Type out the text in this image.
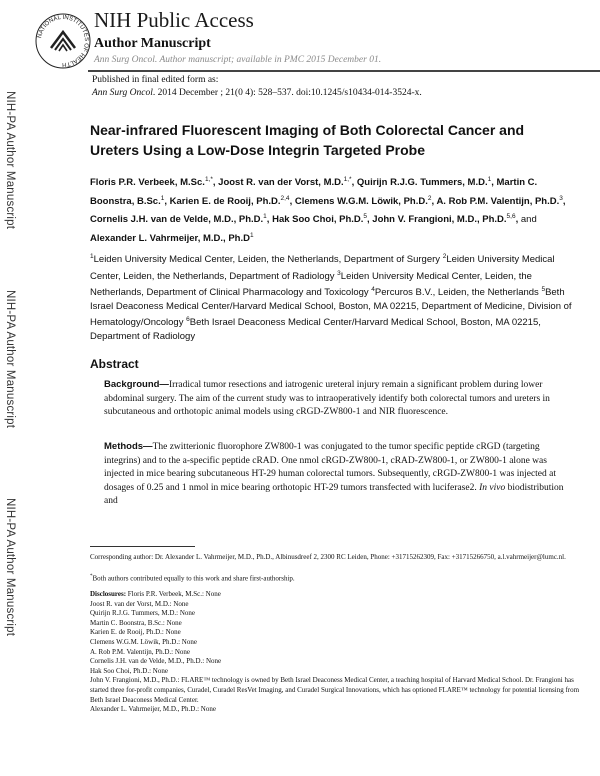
NATIONAL INSTITUTES OF HEALTH
NIH Public Access
Author Manuscript
Ann Surg Oncol. Author manuscript; available in PMC 2015 December 01.
Published in final edited form as:
Ann Surg Oncol. 2014 December ; 21(0 4): 528–537. doi:10.1245/s10434-014-3524-x.
NIH-PA Author Manuscript
NIH-PA Author Manuscript
NIH-PA Author Manuscript
Near-infrared Fluorescent Imaging of Both Colorectal Cancer and Ureters Using a Low-Dose Integrin Targeted Probe
Floris P.R. Verbeek, M.Sc.$^{1,*}$, Joost R. van der Vorst, M.D.$^{1,*}$, Quirijn R.J.G. Tummers, M.D.$^1$, Martin C. Boonstra, B.Sc.$^1$, Karien E. de Rooij, Ph.D.$^{2,4}$, Clemens W.G.M. Löwik, Ph.D.$^2$, A. Rob P.M. Valentijn, Ph.D.$^3$, Cornelis J.H. van de Velde, M.D., Ph.D.$^1$, Hak Soo Choi, Ph.D.$^5$, John V. Frangioni, M.D., Ph.D.$^{5,6}$, and Alexander L. Vahrmeijer, M.D., $Ph.D^1$
$^1$Leiden University Medical Center, Leiden, the Netherlands, Department of Surgery $^2$Leiden University Medical Center, Leiden, the Netherlands, Department of Radiology $^3$Leiden University Medical Center, Leiden, the Netherlands, Department of Clinical Pharmacology and Toxicology $^4$Percuros B.V., Leiden, the Netherlands $^5$Beth Israel Deaconess Medical Center/Harvard Medical School, Boston, MA 02215, Department of Medicine, Division of Hematology/Oncology $^6$Beth Israel Deaconess Medical Center/Harvard Medical School, Boston, MA 02215, Department of Radiology
Abstract
Background—Irradical tumor resections and iatrogenic ureteral injury remain a significant problem during lower abdominal surgery. The aim of the current study was to intraoperatively identify both colorectal tumors and ureters in subcutaneous and orthotopic animal models using cRGD-ZW800-1 and NIR fluorescence.
Methods—The zwitterionic fluorophore ZW800-1 was conjugated to the tumor specific peptide cRGD (targeting integrins) and to the a-specific peptide cRAD. One nmol cRGD-ZW800-1, cRAD-ZW800-1, or ZW800-1 alone was injected in mice bearing subcutaneous HT-29 human colorectal tumors. Subsequently, cRGD-ZW800-1 was injected at dosages of 0.25 and 1 nmol in mice bearing orthotopic HT-29 tumors transfected with luciferase2. In vivo biodistribution and
Corresponding author: Dr. Alexander L. Vahrmeijer, M.D., Ph.D., Albinusdreef 2, 2300 RC Leiden, Phone: +31715262309, Fax: +31715266750, a.l.vahrmeijer@lumc.nl.
*Both authors contributed equally to this work and share first-authorship.
Disclosures: Floris P.R. Verbeek, M.Sc.: None
Joost R. van der Vorst, M.D.: None
Quirijn R.J.G. Tummers, M.D.: None
Martin C. Boonstra, B.Sc.: None
Karien E. de Rooij, Ph.D.: None
Clemens W.G.M. Löwik, Ph.D.: None
A. Rob P.M. Valentijn, Ph.D.: None
Cornelis J.H. van de Velde, M.D., Ph.D.: None
Hak Soo Choi, Ph.D.: None
John V. Frangioni, M.D., Ph.D.: FLARE™ technology is owned by Beth Israel Deaconess Medical Center, a teaching hospital of Harvard Medical School. Dr. Frangioni has started three for-profit companies, Curadel, Curadel ResVet Imaging, and Curadel Surgical Innovations, which has optioned FLARE™ technology for potential licensing from Beth Israel Deaconess Medical Center.
Alexander L. Vahrmeijer, M.D., Ph.D.: None
